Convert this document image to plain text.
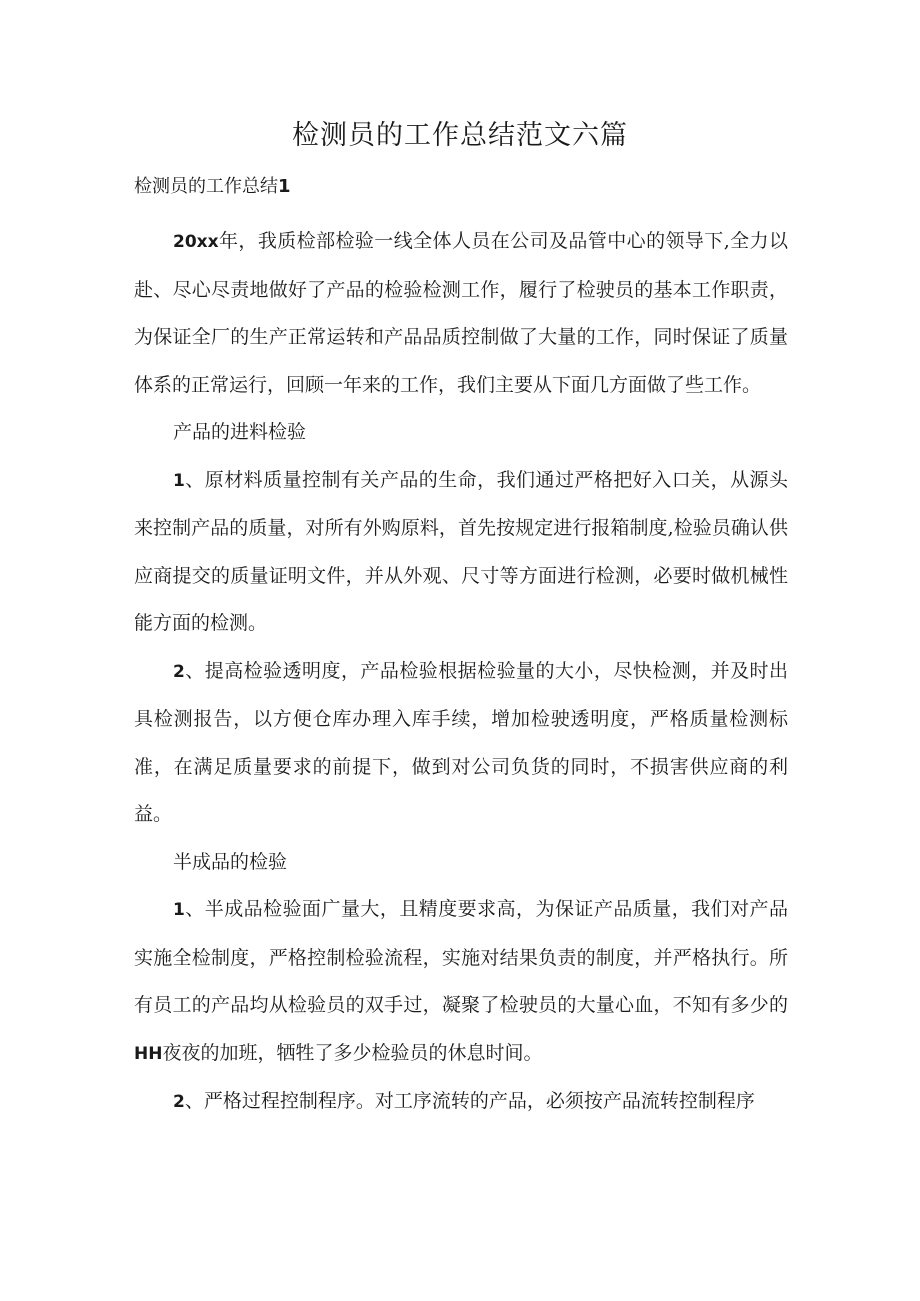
检测员的工作总结范文六篇

检测员的工作总结1

20xx年，我质检部检验一线全体人员在公司及品管中心的领导下,全力以赴、尽心尽责地做好了产品的检验检测工作，履行了检驶员的基本工作职责，为保证全厂的生产正常运转和产品品质控制做了大量的工作，同时保证了质量体系的正常运行，回顾一年来的工作，我们主要从下面几方面做了些工作。

产品的进料检验

1、原材料质量控制有关产品的生命，我们通过严格把好入口关，从源头来控制产品的质量，对所有外购原料，首先按规定进行报箱制度,检验员确认供应商提交的质量证明文件，并从外观、尺寸等方面进行检测，必要时做机械性能方面的检测。

2、提高检验透明度，产品检验根据检验量的大小，尽快检测，并及时出具检测报告，以方便仓库办理入库手续，增加检驶透明度，严格质量检测标准，在满足质量要求的前提下，做到对公司负货的同时，不损害供应商的利益。

半成品的检验

1、半成品检验面广量大，且精度要求高，为保证产品质量，我们对产品实施全检制度，严格控制检验流程，实施对结果负责的制度，并严格执行。所有员工的产品均从检验员的双手过，凝聚了检驶员的大量心血，不知有多少的HH夜夜的加班，牺牲了多少检验员的休息时间。

2、严格过程控制程序。对工序流转的产品，必须按产品流转控制程序
